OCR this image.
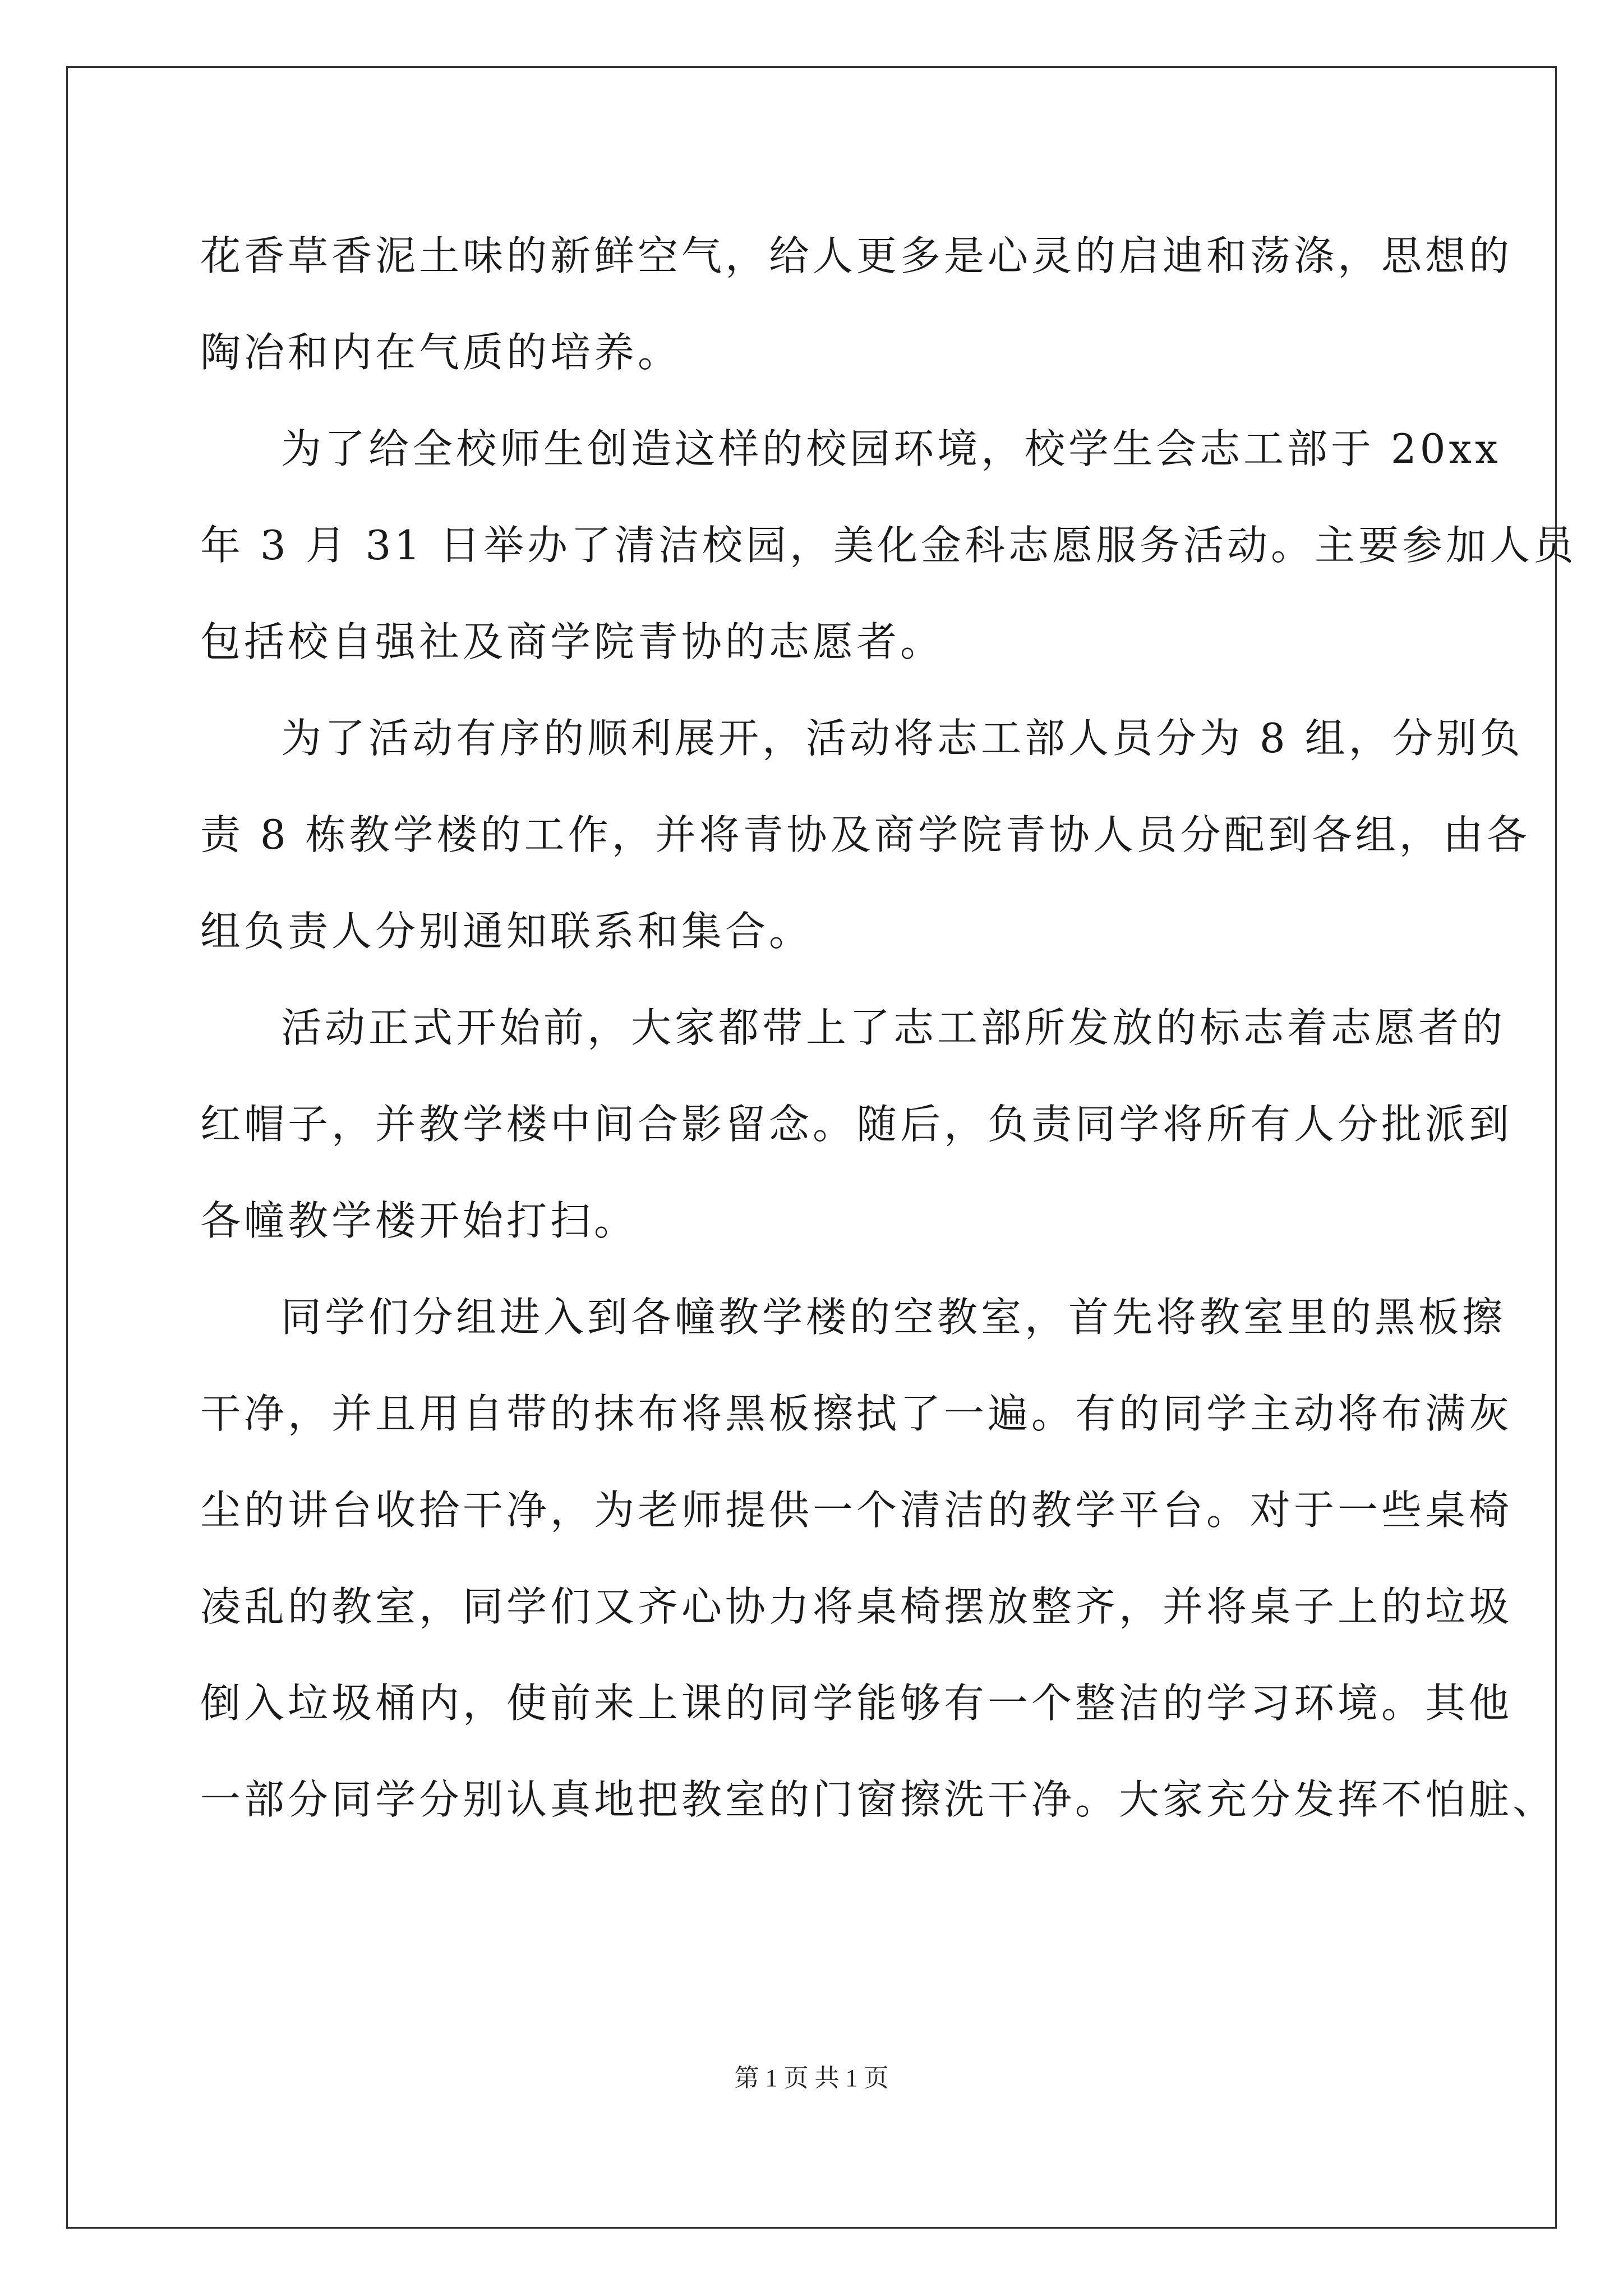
花香草香泥土味的新鲜空气，给人更多是心灵的启迪和荡涤，思想的
陶冶和内在气质的培养。

为了给全校师生创造这样的校园环境，校学生会志工部于 20xx
年 3 月 31 日举办了清洁校园，美化金科志愿服务活动。主要参加人员
包括校自强社及商学院青协的志愿者。

为了活动有序的顺利展开，活动将志工部人员分为 8 组，分别负
责 8 栋教学楼的工作，并将青协及商学院青协人员分配到各组，由各
组负责人分别通知联系和集合。

活动正式开始前，大家都带上了志工部所发放的标志着志愿者的
红帽子，并教学楼中间合影留念。随后，负责同学将所有人分批派到
各幢教学楼开始打扫。

同学们分组进入到各幢教学楼的空教室，首先将教室里的黑板擦
干净，并且用自带的抹布将黑板擦拭了一遍。有的同学主动将布满灰
尘的讲台收拾干净，为老师提供一个清洁的教学平台。对于一些桌椅
凌乱的教室，同学们又齐心协力将桌椅摆放整齐，并将桌子上的垃圾
倒入垃圾桶内，使前来上课的同学能够有一个整洁的学习环境。其他
一部分同学分别认真地把教室的门窗擦洗干净。大家充分发挥不怕脏、

第 1 页 共 1 页
